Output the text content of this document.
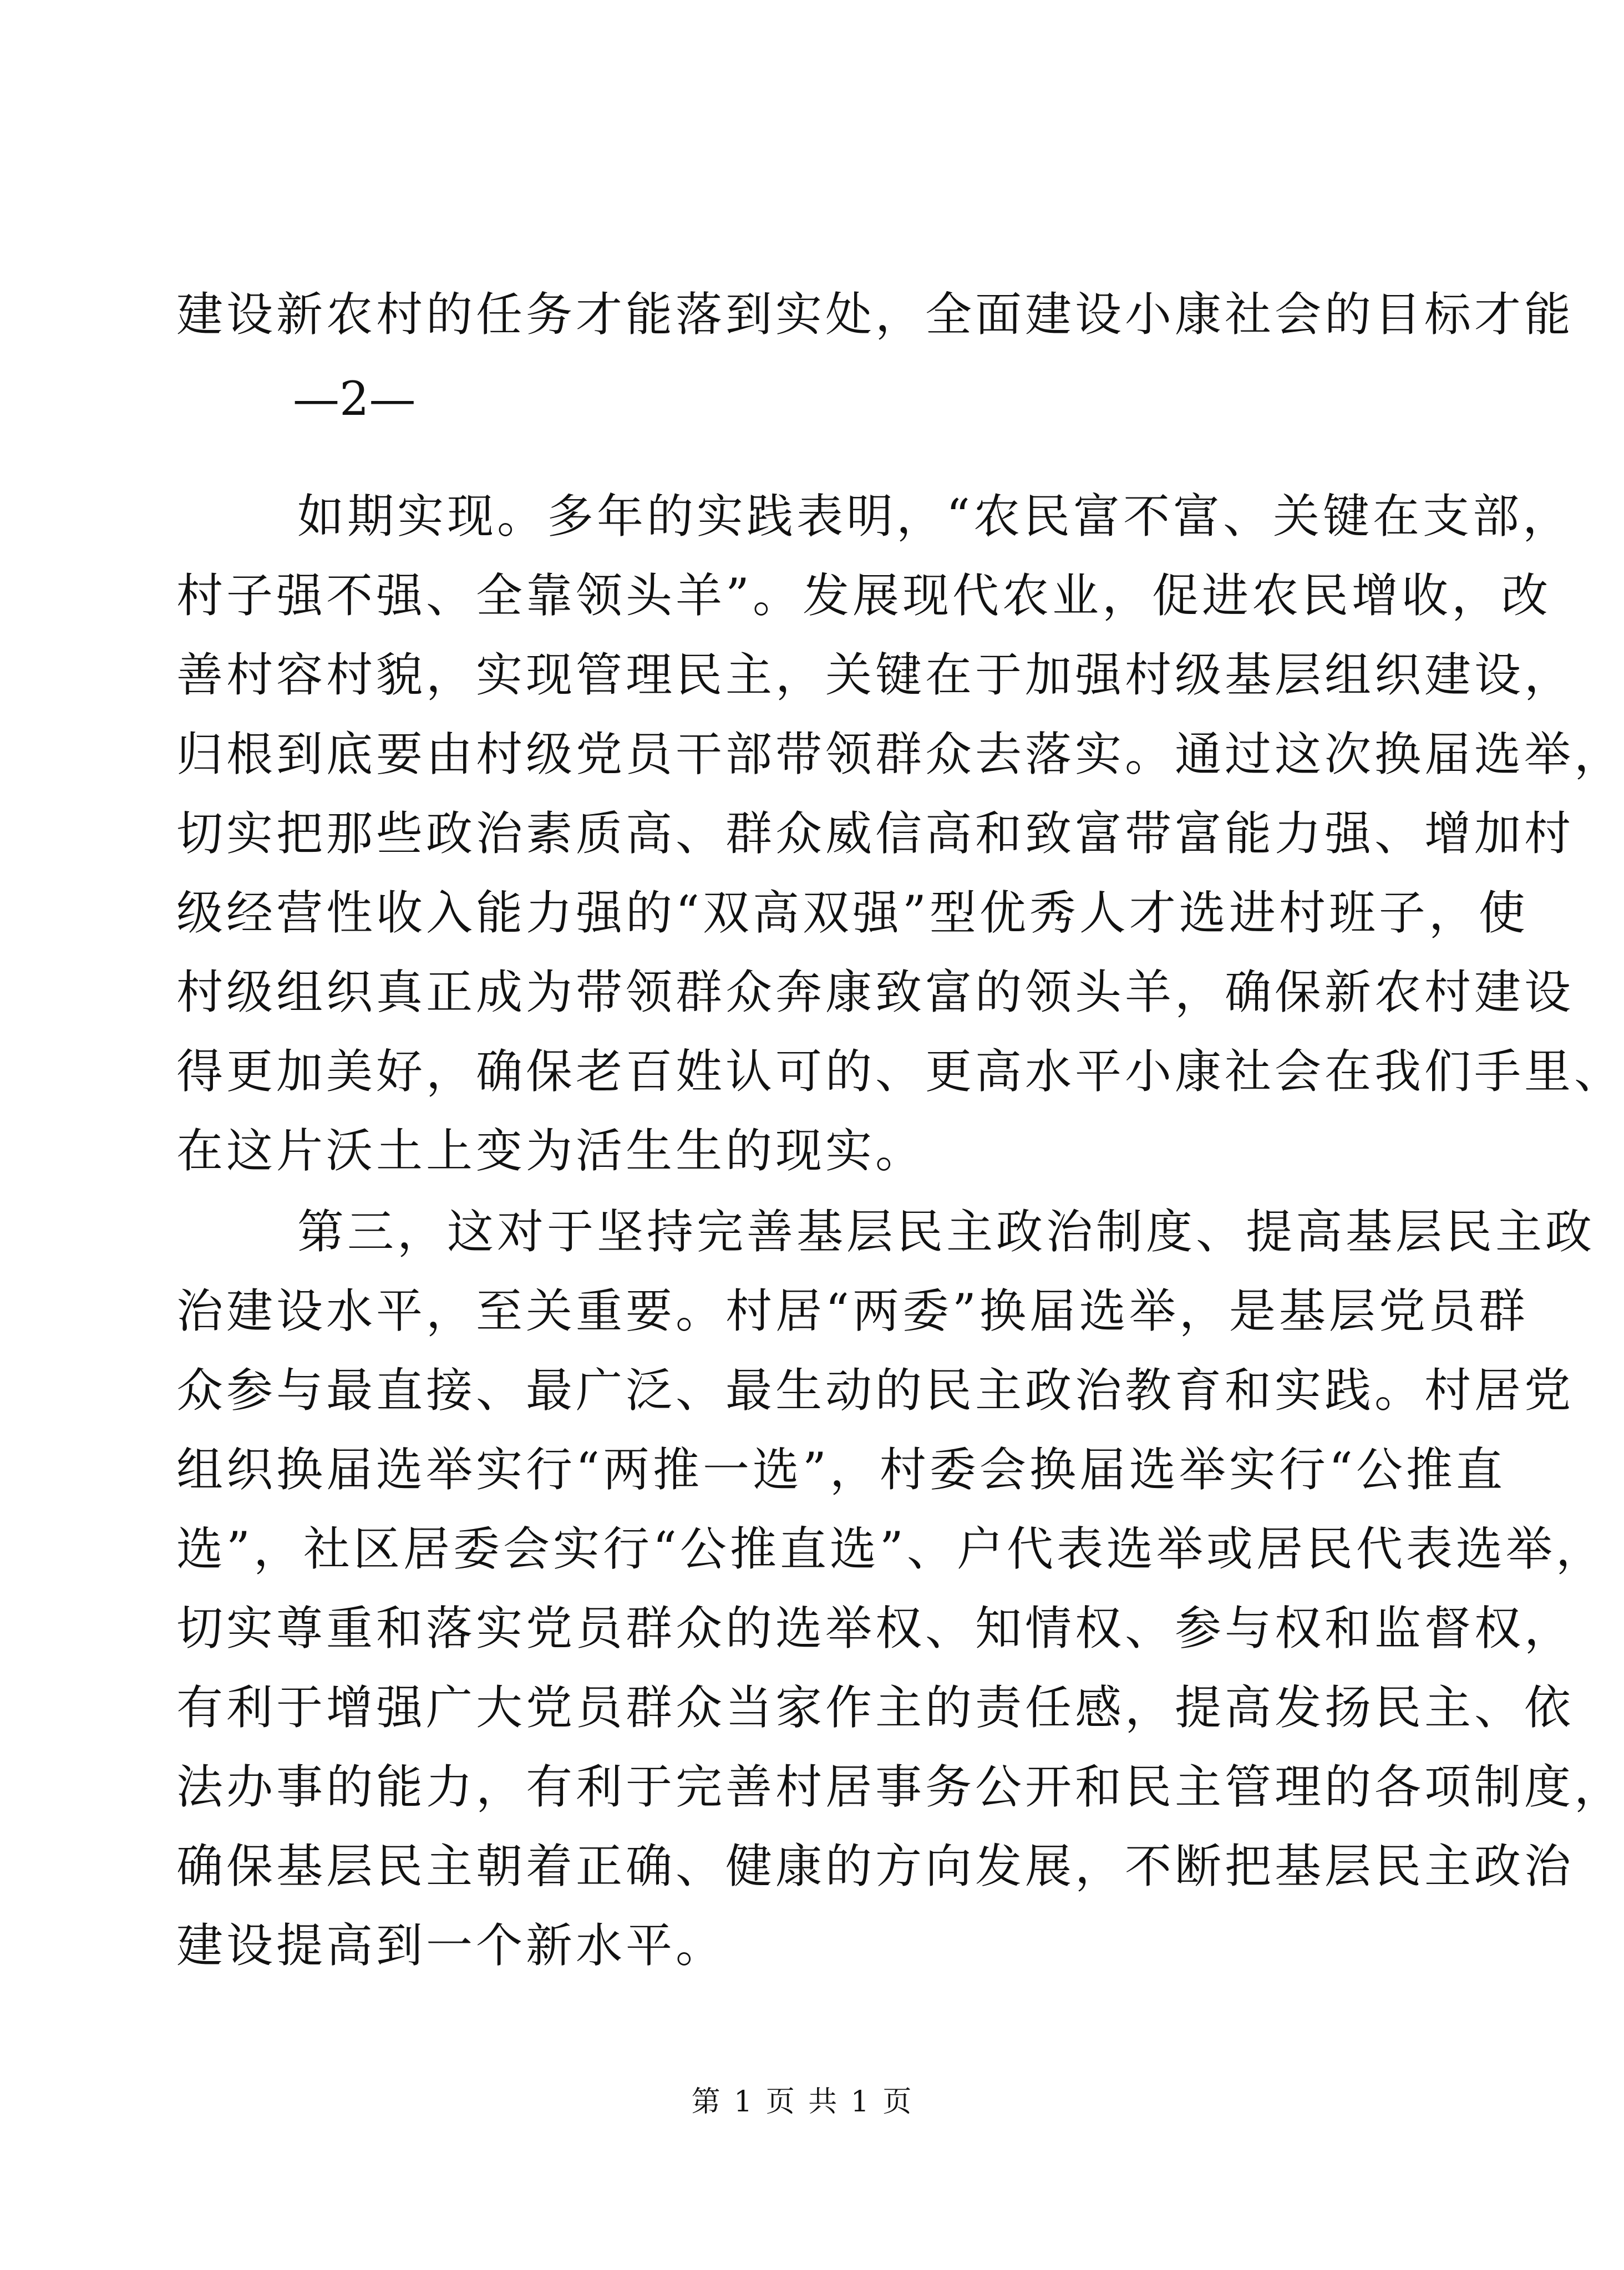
建设新农村的任务才能落到实处，全面建设小康社会的目标才能
—2—
如期实现。多年的实践表明，“农民富不富、关键在支部，
村子强不强、全靠领头羊”。发展现代农业，促进农民增收，改
善村容村貌，实现管理民主，关键在于加强村级基层组织建设，
归根到底要由村级党员干部带领群众去落实。通过这次换届选举，
切实把那些政治素质高、群众威信高和致富带富能力强、增加村
级经营性收入能力强的“双高双强”型优秀人才选进村班子，使
村级组织真正成为带领群众奔康致富的领头羊，确保新农村建设
得更加美好，确保老百姓认可的、更高水平小康社会在我们手里、
在这片沃土上变为活生生的现实。
第三，这对于坚持完善基层民主政治制度、提高基层民主政
治建设水平，至关重要。村居“两委”换届选举，是基层党员群
众参与最直接、最广泛、最生动的民主政治教育和实践。村居党
组织换届选举实行“两推一选”，村委会换届选举实行“公推直
选”，社区居委会实行“公推直选”、户代表选举或居民代表选举，
切实尊重和落实党员群众的选举权、知情权、参与权和监督权，
有利于增强广大党员群众当家作主的责任感，提高发扬民主、依
法办事的能力，有利于完善村居事务公开和民主管理的各项制度，
确保基层民主朝着正确、健康的方向发展，不断把基层民主政治
建设提高到一个新水平。
第 1 页 共 1 页
